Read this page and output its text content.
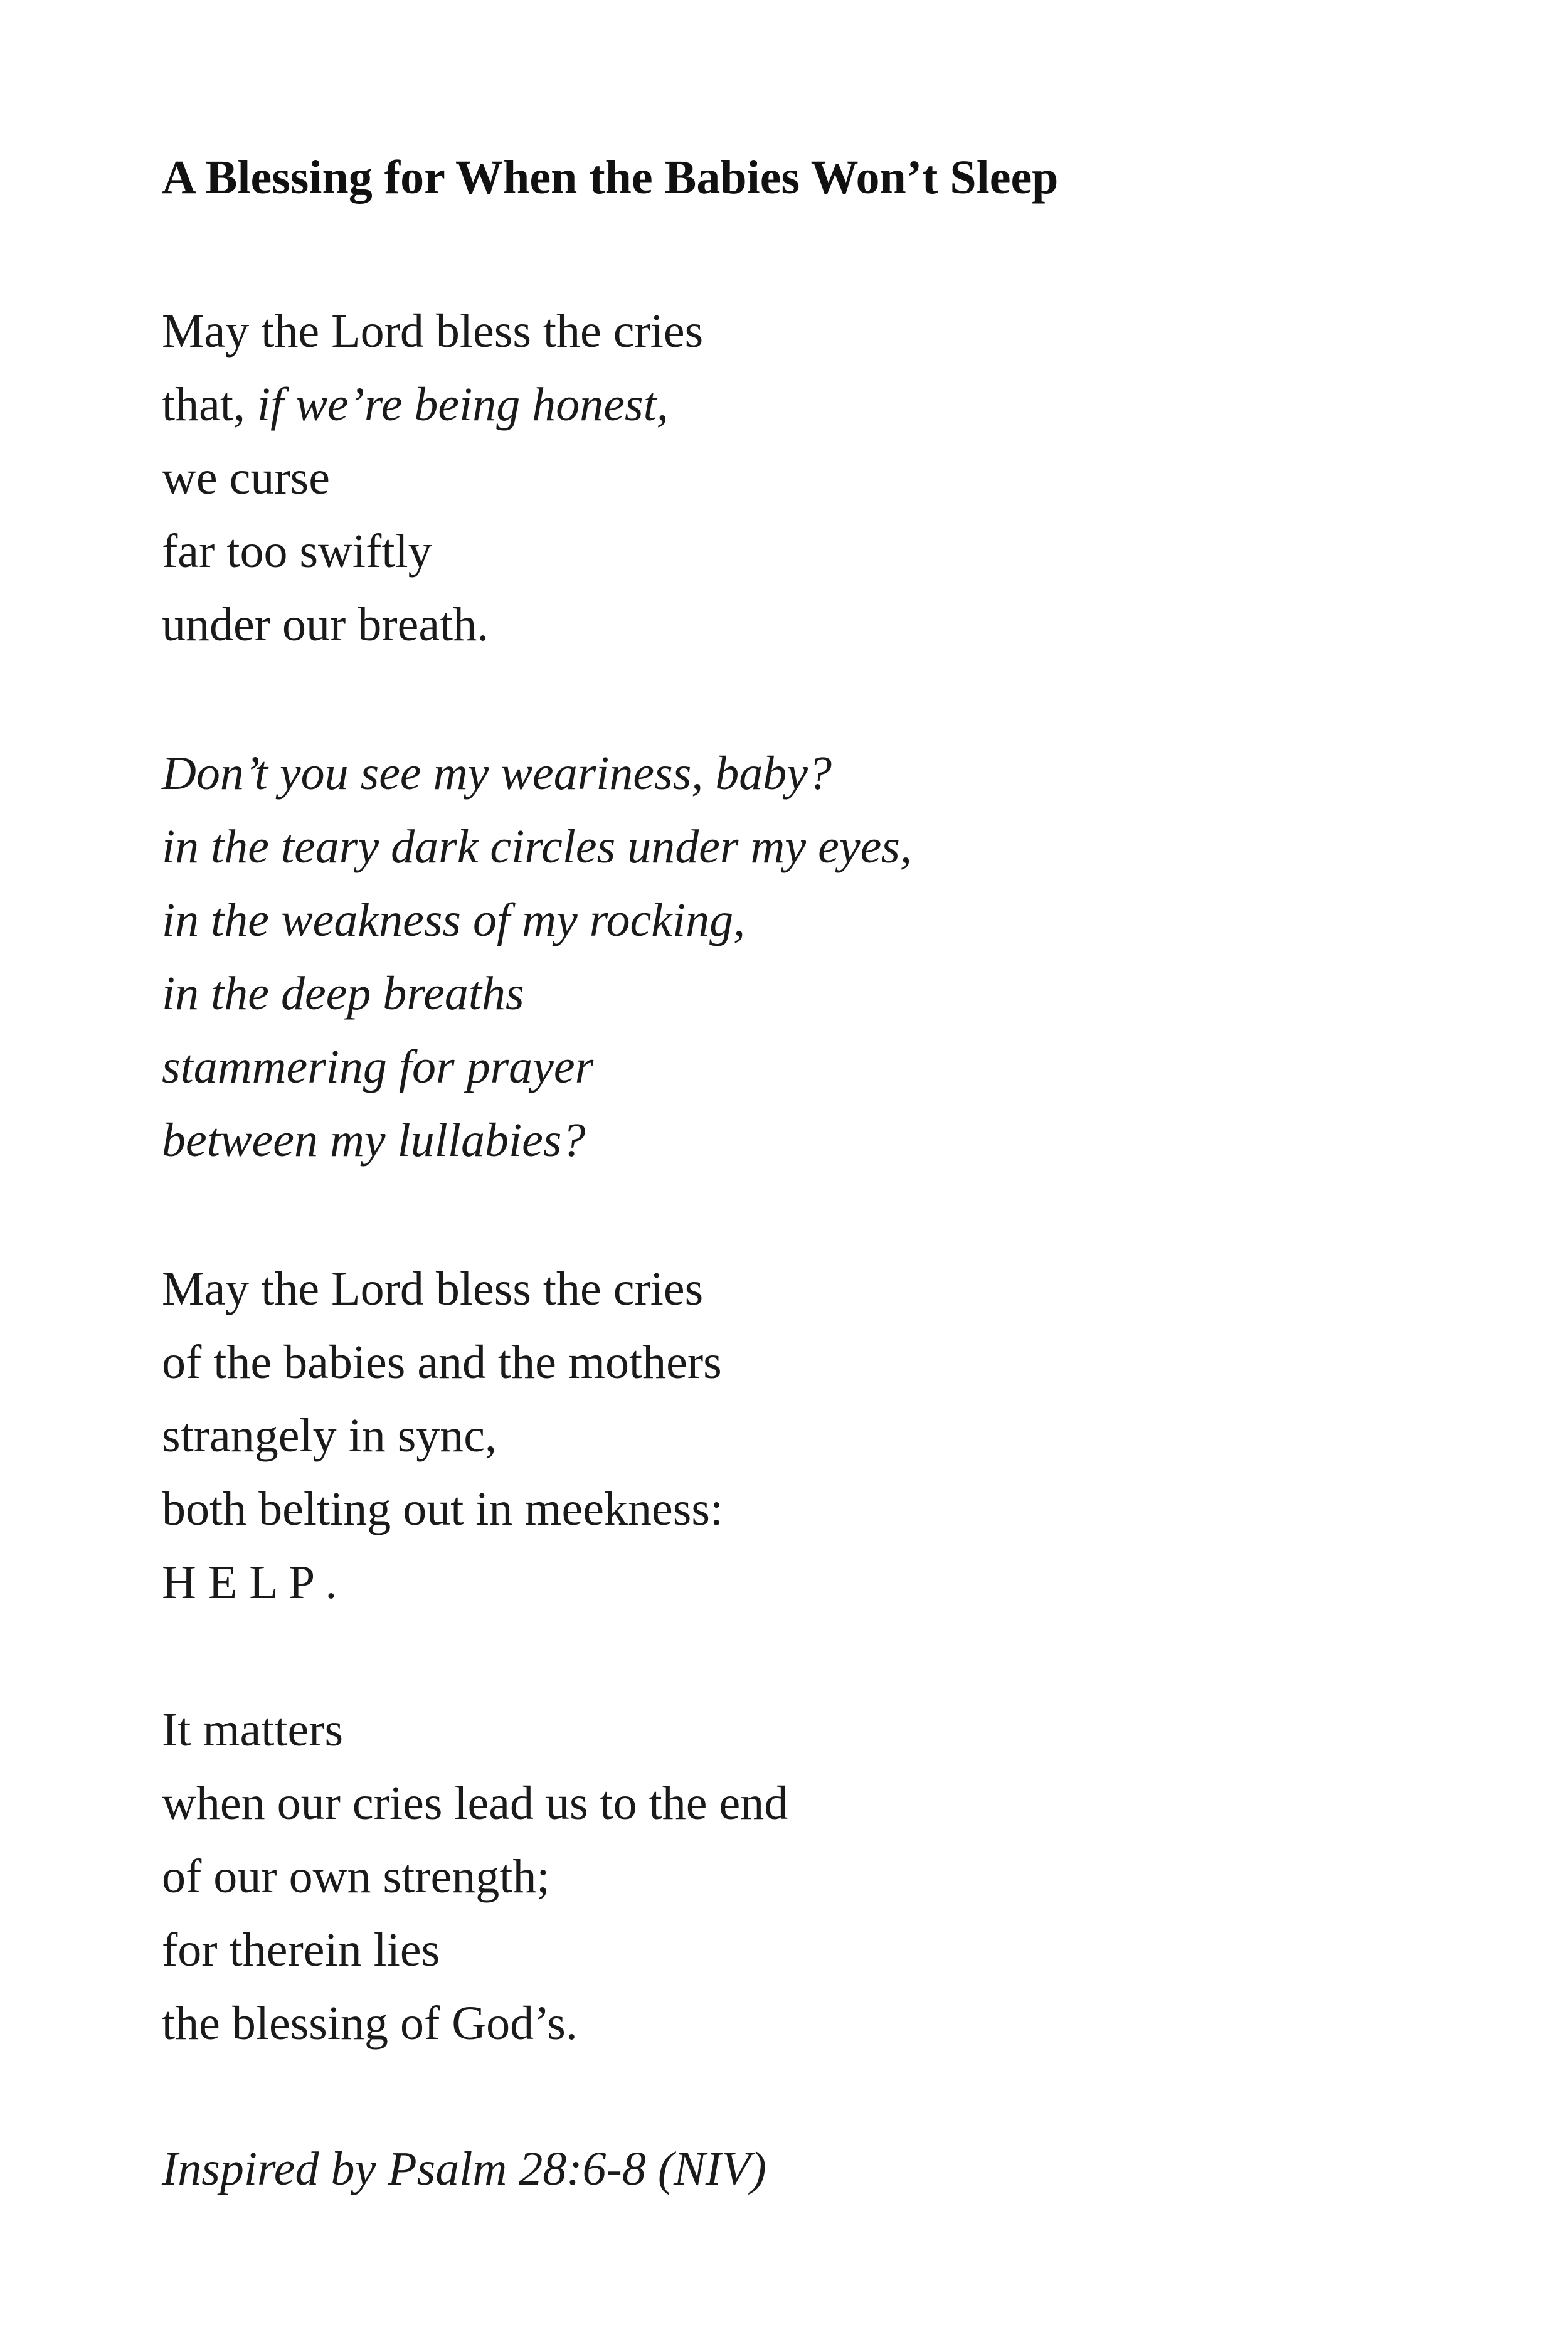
A Blessing for When the Babies Won’t Sleep
May the Lord bless the cries
that, if we’re being honest,
we curse
far too swiftly
under our breath.
Don’t you see my weariness, baby?
in the teary dark circles under my eyes,
in the weakness of my rocking,
in the deep breaths
stammering for prayer
between my lullabies?
May the Lord bless the cries
of the babies and the mothers
strangely in sync,
both belting out in meekness:
H E L P .
It matters
when our cries lead us to the end
of our own strength;
for therein lies
the blessing of God’s.

Inspired by Psalm 28:6-8 (NIV)
